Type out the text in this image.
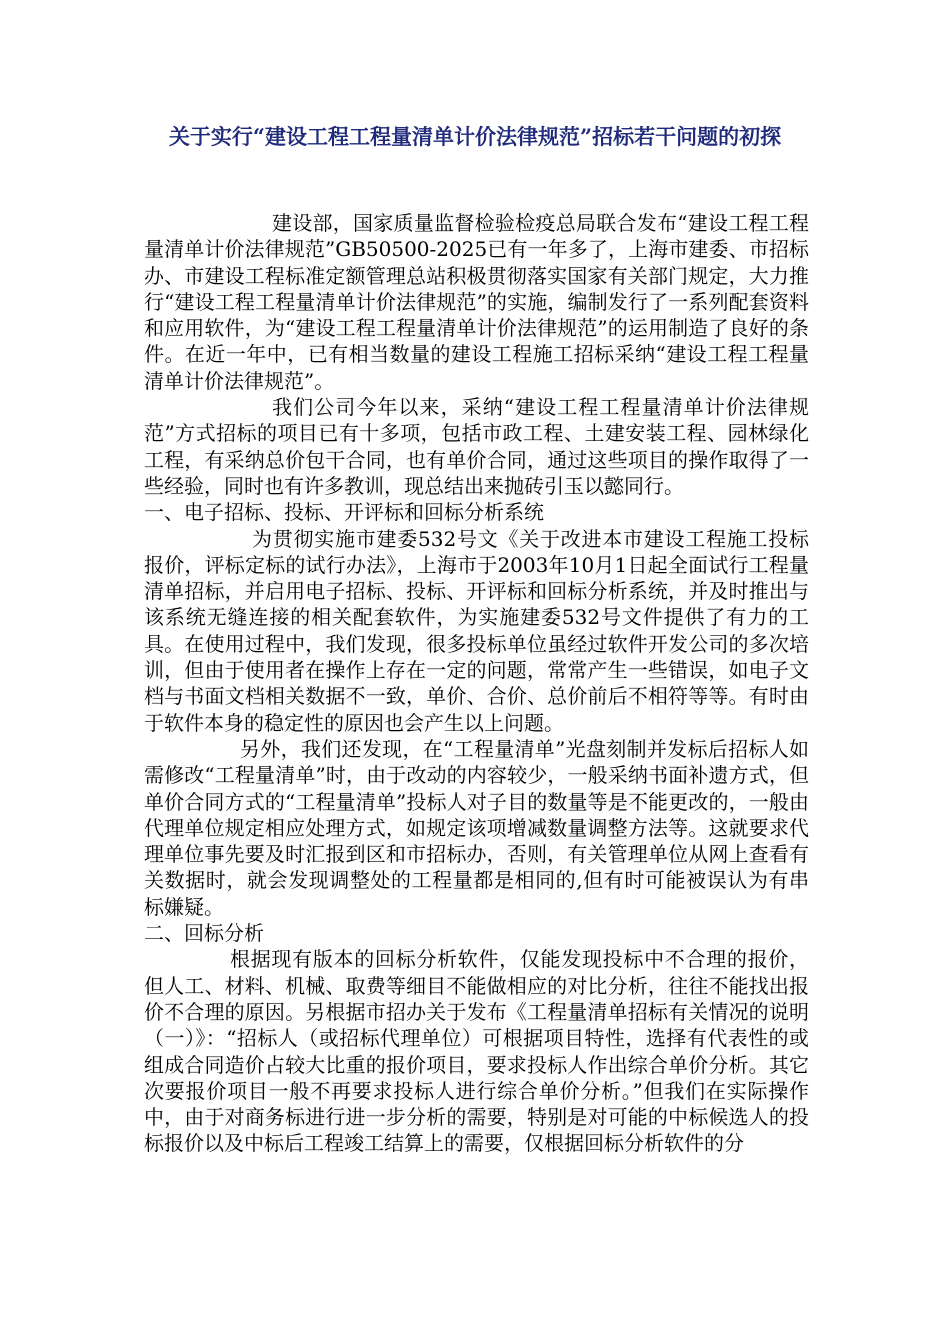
关于实行“建设工程工程量清单计价法律规范”招标若干问题的初探

建设部，国家质量监督检验检疫总局联合发布“建设工程工程量清单计价法律规范”GB50500-2025已有一年多了，上海市建委、市招标办、市建设工程标准定额管理总站积极贯彻落实国家有关部门规定，大力推行“建设工程工程量清单计价法律规范”的实施，编制发行了一系列配套资料和应用软件，为“建设工程工程量清单计价法律规范”的运用制造了良好的条件。在近一年中，已有相当数量的建设工程施工招标采纳“建设工程工程量清单计价法律规范”。

我们公司今年以来，采纳“建设工程工程量清单计价法律规范”方式招标的项目已有十多项，包括市政工程、土建安装工程、园林绿化工程，有采纳总价包干合同，也有单价合同，通过这些项目的操作取得了一些经验，同时也有许多教训，现总结出来抛砖引玉以懿同行。

一、电子招标、投标、开评标和回标分析系统

为贯彻实施市建委532号文《关于改进本市建设工程施工投标报价，评标定标的试行办法》，上海市于2003年10月1日起全面试行工程量清单招标，并启用电子招标、投标、开评标和回标分析系统，并及时推出与该系统无缝连接的相关配套软件，为实施建委532号文件提供了有力的工具。在使用过程中，我们发现，很多投标单位虽经过软件开发公司的多次培训，但由于使用者在操作上存在一定的问题，常常产生一些错误，如电子文档与书面文档相关数据不一致，单价、合价、总价前后不相符等等。有时由于软件本身的稳定性的原因也会产生以上问题。

另外，我们还发现，在“工程量清单”光盘刻制并发标后招标人如需修改“工程量清单”时，由于改动的内容较少，一般采纳书面补遗方式，但单价合同方式的“工程量清单”投标人对子目的数量等是不能更改的，一般由代理单位规定相应处理方式，如规定该项增减数量调整方法等。这就要求代理单位事先要及时汇报到区和市招标办，否则，有关管理单位从网上查看有关数据时，就会发现调整处的工程量都是相同的,但有时可能被误认为有串标嫌疑。

二、回标分析

根据现有版本的回标分析软件，仅能发现投标中不合理的报价，但人工、材料、机械、取费等细目不能做相应的对比分析，往往不能找出报价不合理的原因。另根据市招办关于发布《工程量清单招标有关情况的说明（一）》：“招标人（或招标代理单位）可根据项目特性，选择有代表性的或组成合同造价占较大比重的报价项目，要求投标人作出综合单价分析。其它次要报价项目一般不再要求投标人进行综合单价分析。”但我们在实际操作中，由于对商务标进行进一步分析的需要，特别是对可能的中标候选人的投标报价以及中标后工程竣工结算上的需要，仅根据回标分析软件的分
